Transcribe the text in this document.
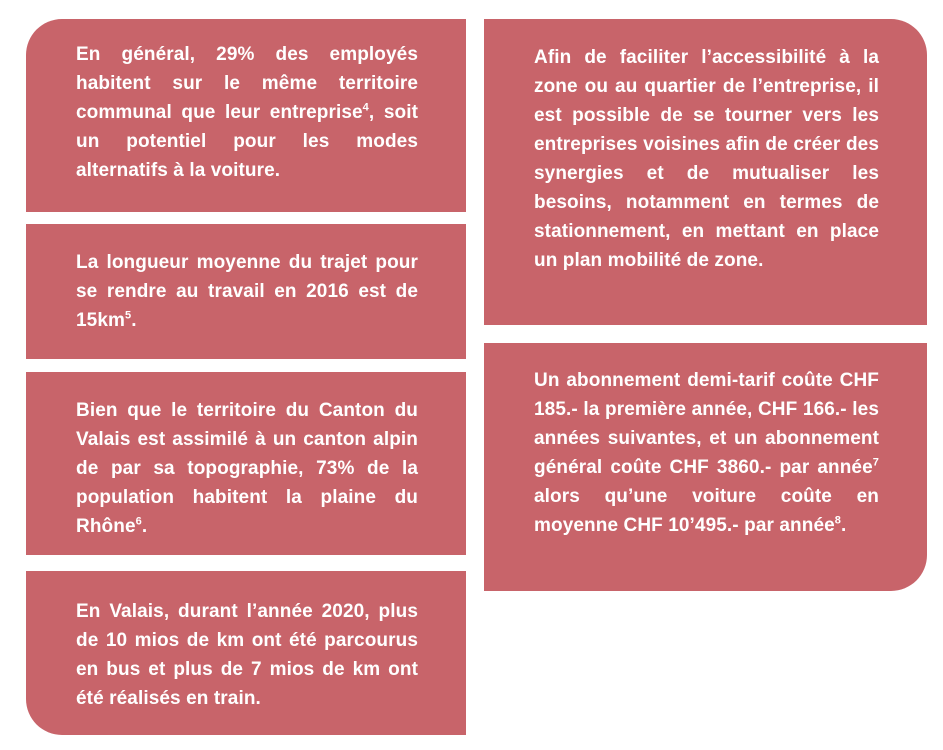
En général, 29% des employés habitent sur le même territoire communal que leur entreprise$^4$, soit un potentiel pour les modes alternatifs à la voiture.

La longueur moyenne du trajet pour se rendre au travail en 2016 est de $15km^5$.

Bien que le territoire du Canton du Valais est assimilé à un canton alpin de par sa topographie, 73% de la population habitent la plaine du Rhône$^6$.

En Valais, durant l’année 2020, plus de 10 mios de km ont été parcourus en bus et plus de 7 mios de km ont été réalisés en train.

Afin de faciliter l’accessibilité à la zone ou au quartier de l’entreprise, il est possible de se tourner vers les entreprises voisines afin de créer des synergies et de mutualiser les besoins, notamment en termes de stationnement, en mettant en place un plan mobilité de zone.

Un abonnement demi-tarif coûte CHF 185.- la première année, CHF 166.- les années suivantes, et un abonnement général coûte CHF 3860.- par année$^7$ alors qu’une voiture coûte en moyenne CHF 10’495.- par année$^8$.
